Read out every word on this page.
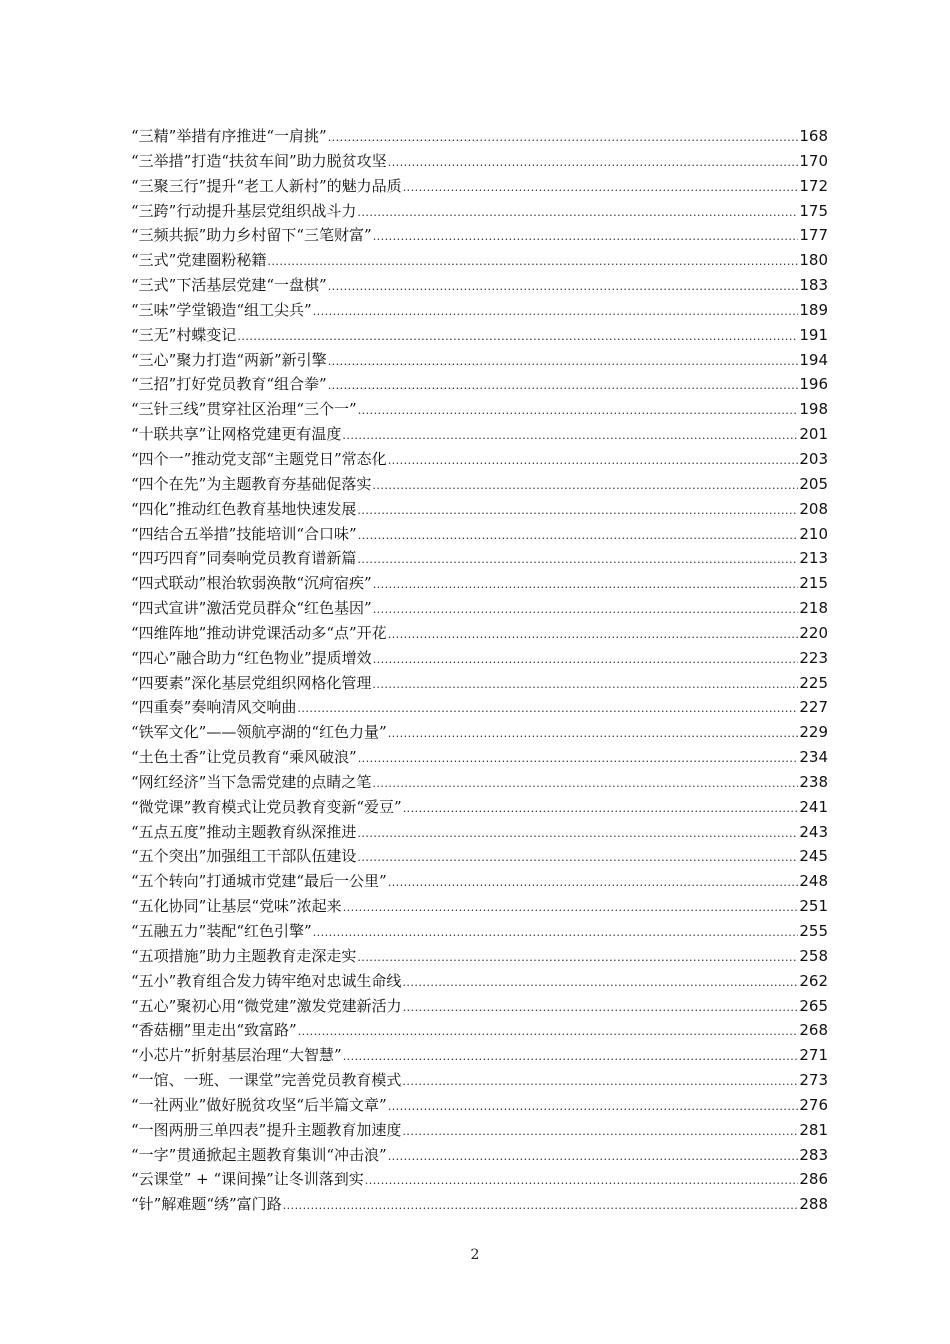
“三精”举措有序推进“一肩挑” .....	168
“三举措”打造“扶贫车间”助力脱贫攻坚 .....	170
“三聚三行”提升“老工人新村”的魅力品质 .....	172
“三跨”行动提升基层党组织战斗力 .....	175
“三频共振”助力乡村留下“三笔财富” .....	177
“三式”党建圈粉秘籍 .....	180
“三式”下活基层党建“一盘棋” .....	183
“三味”学堂锻造“组工尖兵” .....	189
“三无”村蝶变记 .....	191
“三心”聚力打造“两新”新引擎 .....	194
“三招”打好党员教育“组合拳” .....	196
“三针三线”贯穿社区治理“三个一” .....	198
“十联共享”让网格党建更有温度 .....	201
“四个一”推动党支部“主题党日”常态化 .....	203
“四个在先”为主题教育夯基础促落实 .....	205
“四化”推动红色教育基地快速发展 .....	208
“四结合五举措”技能培训“合口味” .....	210
“四巧四育”同奏响党员教育谱新篇 .....	213
“四式联动”根治软弱涣散“沉疴宿疾” .....	215
“四式宣讲”激活党员群众“红色基因” .....	218
“四维阵地”推动讲党课活动多“点”开花 .....	220
“四心”融合助力“红色物业”提质增效 .....	223
“四要素”深化基层党组织网格化管理 .....	225
“四重奏”奏响清风交响曲 .....	227
“铁军文化”——领航亭湖的“红色力量” .....	229
“土色土香”让党员教育“乘风破浪” .....	234
“网红经济”当下急需党建的点睛之笔 .....	238
“微党课”教育模式让党员教育变新“爱豆” .....	241
“五点五度”推动主题教育纵深推进 .....	243
“五个突出”加强组工干部队伍建设 .....	245
“五个转向”打通城市党建“最后一公里” .....	248
“五化协同”让基层“党味”浓起来 .....	251
“五融五力”装配“红色引擎” .....	255
“五项措施”助力主题教育走深走实 .....	258
“五小”教育组合发力铸牢绝对忠诚生命线 .....	262
“五心”聚初心用“微党建”激发党建新活力 .....	265
“香菇棚”里走出“致富路” .....	268
“小芯片”折射基层治理“大智慧” .....	271
“一馆、一班、一课堂”完善党员教育模式 .....	273
“一社两业”做好脱贫攻坚“后半篇文章” .....	276
“一图两册三单四表”提升主题教育加速度 .....	281
“一字”贯通掀起主题教育集训“冲击浪” .....	283
“云课堂” + “课间操”让冬训落到实 .....	286
“针”解难题“绣”富门路 .....	288
2
